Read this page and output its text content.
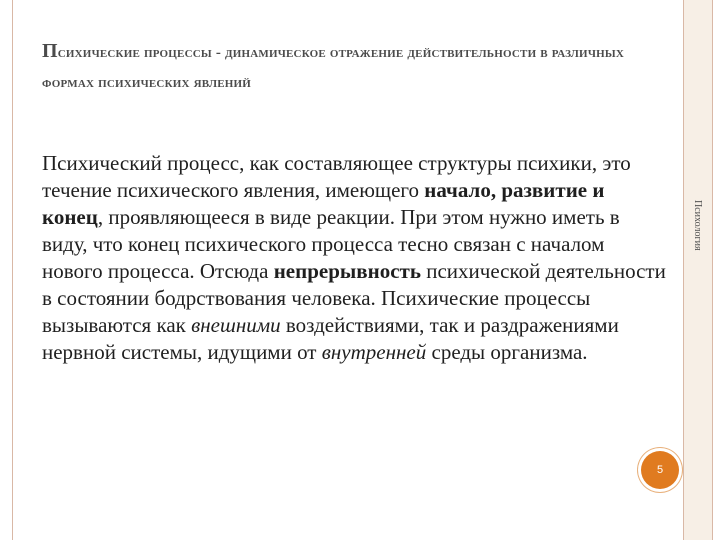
Психология
Психические процессы - динамическое отражение действительности в различных формах психических явлений

Психический процесс, как составляющее структуры психики, это течение психического явления, имеющего начало, развитие и конец, проявляющееся в виде реакции. При этом нужно иметь в виду, что конец психического процесса тесно связан с началом нового процесса. Отсюда непрерывность психической деятельности в состоянии бодрствования человека. Психические процессы вызываются как внешними воздействиями, так и раздражениями нервной системы, идущими от внутренней среды организма.

5
